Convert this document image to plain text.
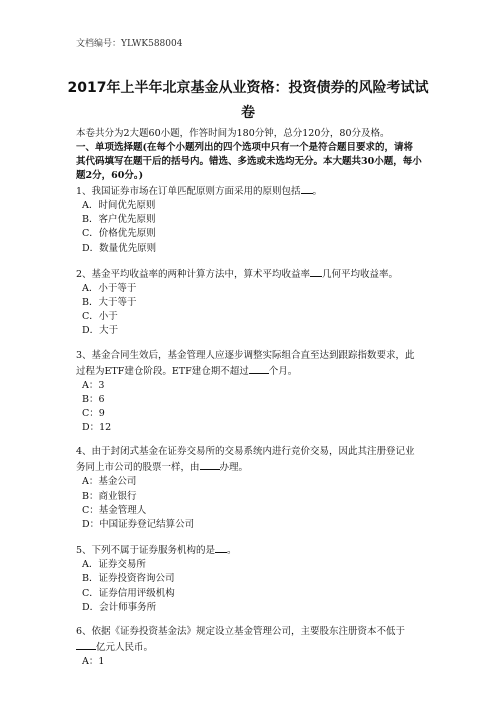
文档编号：YLWK588004
2017年上半年北京基金从业资格：投资债券的风险考试试
卷
本卷共分为2大题60小题，作答时间为180分钟，总分120分，80分及格。
一、单项选择题(在每个小题列出的四个选项中只有一个是符合题目要求的，请将其代码填写在题干后的括号内。错选、多选或未选均无分。本大题共30小题，每小题2分，60分。)
1、我国证券市场在订单匹配原则方面采用的原则包括 。
A．时间优先原则
B．客户优先原则
C．价格优先原则
D．数量优先原则
2、基金平均收益率的两种计算方法中，算术平均收益率 几何平均收益率。
A．小于等于
B．大于等于
C．小于
D．大于
3、基金合同生效后，基金管理人应逐步调整实际组合直至达到跟踪指数要求，此过程为ETF建仓阶段。ETF建仓期不超过 个月。
A：3
B：6
C：9
D：12
4、由于封闭式基金在证券交易所的交易系统内进行竞价交易，因此其注册登记业务同上市公司的股票一样，由 办理。
A：基金公司
B：商业银行
C：基金管理人
D：中国证券登记结算公司
5、下列不属于证券服务机构的是 。
A．证券交易所
B．证券投资咨询公司
C．证券信用评级机构
D．会计师事务所
6、依据《证券投资基金法》规定设立基金管理公司，主要股东注册资本不低于亿元人民币。
A：1
